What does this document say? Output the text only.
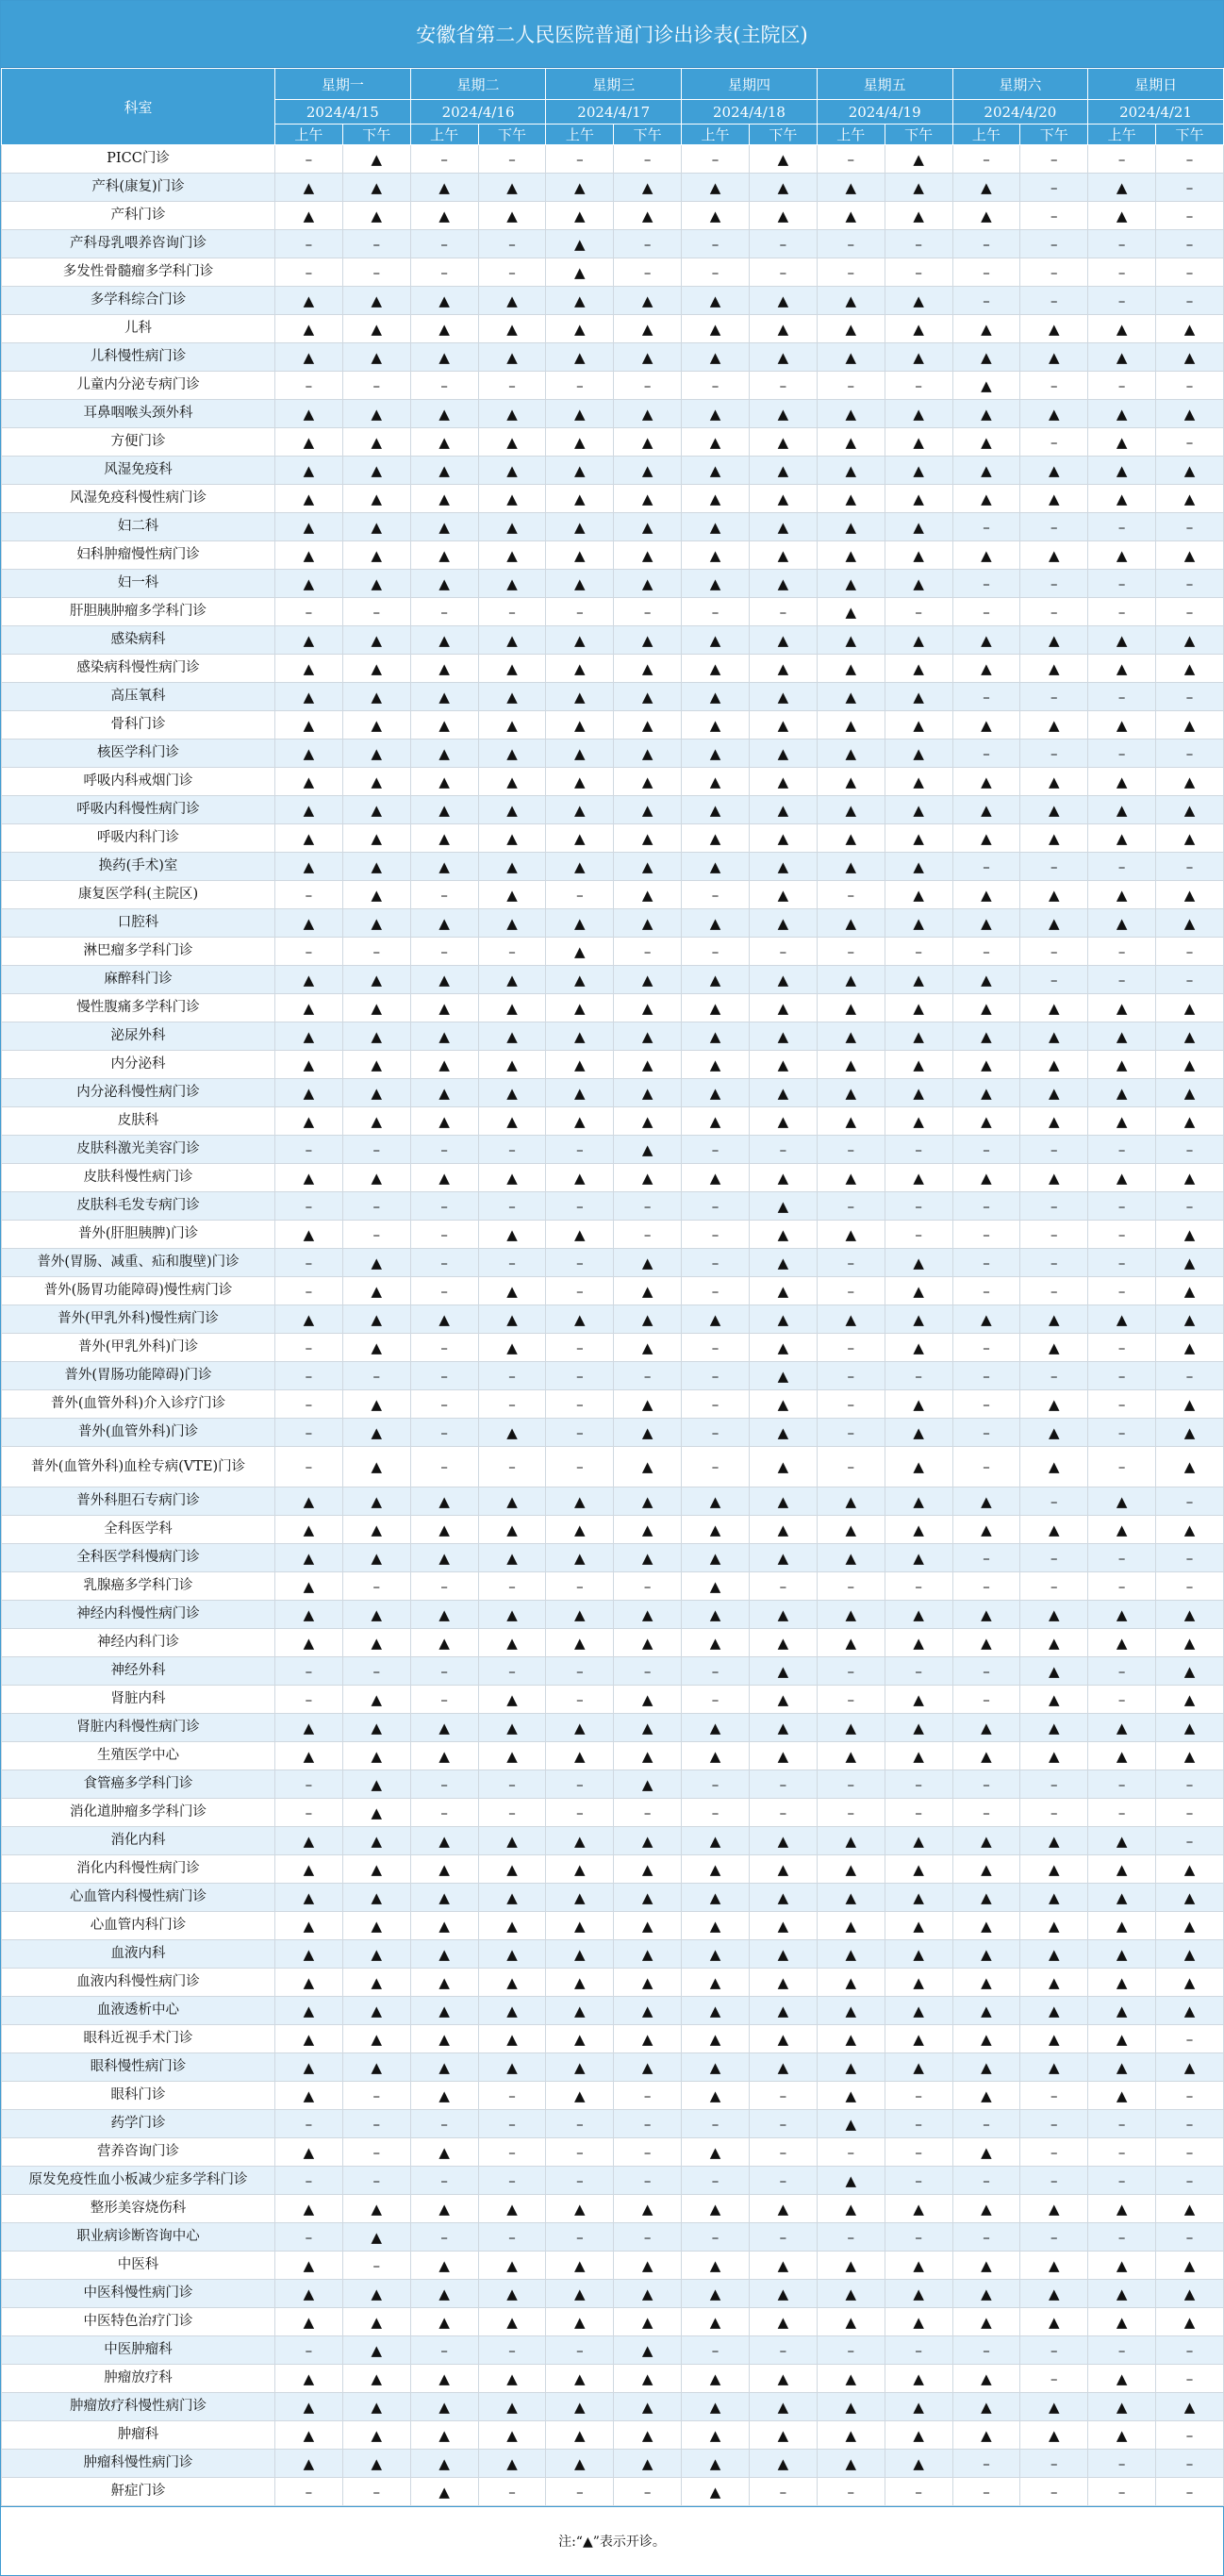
安徽省第二人民医院普通门诊出诊表(主院区)
科室	星期一		星期二		星期三		星期四		星期五		星期六		星期日	
	2024/4/15		2024/4/16		2024/4/17		2024/4/18		2024/4/19		2024/4/20		2024/4/21	
	上午	下午	上午	下午	上午	下午	上午	下午	上午	下午	上午	下午	上午	下午
PICC门诊	–	▲	–	–	–	–	–	▲	–	▲	–	–	–	–
产科(康复)门诊	▲	▲	▲	▲	▲	▲	▲	▲	▲	▲	▲	–	▲	–
产科门诊	▲	▲	▲	▲	▲	▲	▲	▲	▲	▲	▲	–	▲	–
产科母乳喂养咨询门诊	–	–	–	–	▲	–	–	–	–	–	–	–	–	–
多发性骨髓瘤多学科门诊	–	–	–	–	▲	–	–	–	–	–	–	–	–	–
多学科综合门诊	▲	▲	▲	▲	▲	▲	▲	▲	▲	▲	–	–	–	–
儿科	▲	▲	▲	▲	▲	▲	▲	▲	▲	▲	▲	▲	▲	▲
儿科慢性病门诊	▲	▲	▲	▲	▲	▲	▲	▲	▲	▲	▲	▲	▲	▲
儿童内分泌专病门诊	–	–	–	–	–	–	–	–	–	–	▲	–	–	–
耳鼻咽喉头颈外科	▲	▲	▲	▲	▲	▲	▲	▲	▲	▲	▲	▲	▲	▲
方便门诊	▲	▲	▲	▲	▲	▲	▲	▲	▲	▲	▲	–	▲	–
风湿免疫科	▲	▲	▲	▲	▲	▲	▲	▲	▲	▲	▲	▲	▲	▲
风湿免疫科慢性病门诊	▲	▲	▲	▲	▲	▲	▲	▲	▲	▲	▲	▲	▲	▲
妇二科	▲	▲	▲	▲	▲	▲	▲	▲	▲	▲	–	–	–	–
妇科肿瘤慢性病门诊	▲	▲	▲	▲	▲	▲	▲	▲	▲	▲	▲	▲	▲	▲
妇一科	▲	▲	▲	▲	▲	▲	▲	▲	▲	▲	–	–	–	–
肝胆胰肿瘤多学科门诊	–	–	–	–	–	–	–	–	▲	–	–	–	–	–
感染病科	▲	▲	▲	▲	▲	▲	▲	▲	▲	▲	▲	▲	▲	▲
感染病科慢性病门诊	▲	▲	▲	▲	▲	▲	▲	▲	▲	▲	▲	▲	▲	▲
高压氧科	▲	▲	▲	▲	▲	▲	▲	▲	▲	▲	–	–	–	–
骨科门诊	▲	▲	▲	▲	▲	▲	▲	▲	▲	▲	▲	▲	▲	▲
核医学科门诊	▲	▲	▲	▲	▲	▲	▲	▲	▲	▲	–	–	–	–
呼吸内科戒烟门诊	▲	▲	▲	▲	▲	▲	▲	▲	▲	▲	▲	▲	▲	▲
呼吸内科慢性病门诊	▲	▲	▲	▲	▲	▲	▲	▲	▲	▲	▲	▲	▲	▲
呼吸内科门诊	▲	▲	▲	▲	▲	▲	▲	▲	▲	▲	▲	▲	▲	▲
换药(手术)室	▲	▲	▲	▲	▲	▲	▲	▲	▲	▲	–	–	–	–
康复医学科(主院区)	–	▲	–	▲	–	▲	–	▲	–	▲	▲	▲	▲	▲
口腔科	▲	▲	▲	▲	▲	▲	▲	▲	▲	▲	▲	▲	▲	▲
淋巴瘤多学科门诊	–	–	–	–	▲	–	–	–	–	–	–	–	–	–
麻醉科门诊	▲	▲	▲	▲	▲	▲	▲	▲	▲	▲	▲	–	–	–
慢性腹痛多学科门诊	▲	▲	▲	▲	▲	▲	▲	▲	▲	▲	▲	▲	▲	▲
泌尿外科	▲	▲	▲	▲	▲	▲	▲	▲	▲	▲	▲	▲	▲	▲
内分泌科	▲	▲	▲	▲	▲	▲	▲	▲	▲	▲	▲	▲	▲	▲
内分泌科慢性病门诊	▲	▲	▲	▲	▲	▲	▲	▲	▲	▲	▲	▲	▲	▲
皮肤科	▲	▲	▲	▲	▲	▲	▲	▲	▲	▲	▲	▲	▲	▲
皮肤科激光美容门诊	–	–	–	–	–	▲	–	–	–	–	–	–	–	–
皮肤科慢性病门诊	▲	▲	▲	▲	▲	▲	▲	▲	▲	▲	▲	▲	▲	▲
皮肤科毛发专病门诊	–	–	–	–	–	–	–	▲	–	–	–	–	–	–
普外(肝胆胰脾)门诊	▲	–	–	▲	▲	–	–	▲	▲	–	–	–	–	▲
普外(胃肠、减重、疝和腹壁)门诊	–	▲	–	–	–	▲	–	▲	–	▲	–	–	–	▲
普外(肠胃功能障碍)慢性病门诊	–	▲	–	▲	–	▲	–	▲	–	▲	–	–	–	▲
普外(甲乳外科)慢性病门诊	▲	▲	▲	▲	▲	▲	▲	▲	▲	▲	▲	▲	▲	▲
普外(甲乳外科)门诊	–	▲	–	▲	–	▲	–	▲	–	▲	–	▲	–	▲
普外(胃肠功能障碍)门诊	–	–	–	–	–	–	–	▲	–	–	–	–	–	–
普外(血管外科)介入诊疗门诊	–	▲	–	–	–	▲	–	▲	–	▲	–	▲	–	▲
普外(血管外科)门诊	–	▲	–	▲	–	▲	–	▲	–	▲	–	▲	–	▲
普外(血管外科)血栓专病(VTE)门诊	–	▲	–	–	–	▲	–	▲	–	▲	–	▲	–	▲
普外科胆石专病门诊	▲	▲	▲	▲	▲	▲	▲	▲	▲	▲	▲	–	▲	–
全科医学科	▲	▲	▲	▲	▲	▲	▲	▲	▲	▲	▲	▲	▲	▲
全科医学科慢病门诊	▲	▲	▲	▲	▲	▲	▲	▲	▲	▲	–	–	–	–
乳腺癌多学科门诊	▲	–	–	–	–	–	▲	–	–	–	–	–	–	–
神经内科慢性病门诊	▲	▲	▲	▲	▲	▲	▲	▲	▲	▲	▲	▲	▲	▲
神经内科门诊	▲	▲	▲	▲	▲	▲	▲	▲	▲	▲	▲	▲	▲	▲
神经外科	–	–	–	–	–	–	–	▲	–	–	–	▲	–	▲
肾脏内科	–	▲	–	▲	–	▲	–	▲	–	▲	–	▲	–	▲
肾脏内科慢性病门诊	▲	▲	▲	▲	▲	▲	▲	▲	▲	▲	▲	▲	▲	▲
生殖医学中心	▲	▲	▲	▲	▲	▲	▲	▲	▲	▲	▲	▲	▲	▲
食管癌多学科门诊	–	▲	–	–	–	▲	–	–	–	–	–	–	–	–
消化道肿瘤多学科门诊	–	▲	–	–	–	–	–	–	–	–	–	–	–	–
消化内科	▲	▲	▲	▲	▲	▲	▲	▲	▲	▲	▲	▲	▲	–
消化内科慢性病门诊	▲	▲	▲	▲	▲	▲	▲	▲	▲	▲	▲	▲	▲	▲
心血管内科慢性病门诊	▲	▲	▲	▲	▲	▲	▲	▲	▲	▲	▲	▲	▲	▲
心血管内科门诊	▲	▲	▲	▲	▲	▲	▲	▲	▲	▲	▲	▲	▲	▲
血液内科	▲	▲	▲	▲	▲	▲	▲	▲	▲	▲	▲	▲	▲	▲
血液内科慢性病门诊	▲	▲	▲	▲	▲	▲	▲	▲	▲	▲	▲	▲	▲	▲
血液透析中心	▲	▲	▲	▲	▲	▲	▲	▲	▲	▲	▲	▲	▲	▲
眼科近视手术门诊	▲	▲	▲	▲	▲	▲	▲	▲	▲	▲	▲	▲	▲	–
眼科慢性病门诊	▲	▲	▲	▲	▲	▲	▲	▲	▲	▲	▲	▲	▲	▲
眼科门诊	▲	–	▲	–	▲	–	▲	–	▲	–	▲	–	▲	–
药学门诊	–	–	–	–	–	–	–	–	▲	–	–	–	–	–
营养咨询门诊	▲	–	▲	–	–	–	▲	–	–	–	▲	–	–	–
原发免疫性血小板减少症多学科门诊	–	–	–	–	–	–	–	–	▲	–	–	–	–	–
整形美容烧伤科	▲	▲	▲	▲	▲	▲	▲	▲	▲	▲	▲	▲	▲	▲
职业病诊断咨询中心	–	▲	–	–	–	–	–	–	–	–	–	–	–	–
中医科	▲	–	▲	▲	▲	▲	▲	▲	▲	▲	▲	▲	▲	▲
中医科慢性病门诊	▲	▲	▲	▲	▲	▲	▲	▲	▲	▲	▲	▲	▲	▲
中医特色治疗门诊	▲	▲	▲	▲	▲	▲	▲	▲	▲	▲	▲	▲	▲	▲
中医肿瘤科	–	▲	–	–	–	▲	–	–	–	–	–	–	–	–
肿瘤放疗科	▲	▲	▲	▲	▲	▲	▲	▲	▲	▲	▲	–	▲	–
肿瘤放疗科慢性病门诊	▲	▲	▲	▲	▲	▲	▲	▲	▲	▲	▲	▲	▲	▲
肿瘤科	▲	▲	▲	▲	▲	▲	▲	▲	▲	▲	▲	▲	▲	–
肿瘤科慢性病门诊	▲	▲	▲	▲	▲	▲	▲	▲	▲	▲	–	–	–	–
鼾症门诊	–	–	▲	–	–	–	▲	–	–	–	–	–	–	–
注:“▲”表示开诊。
